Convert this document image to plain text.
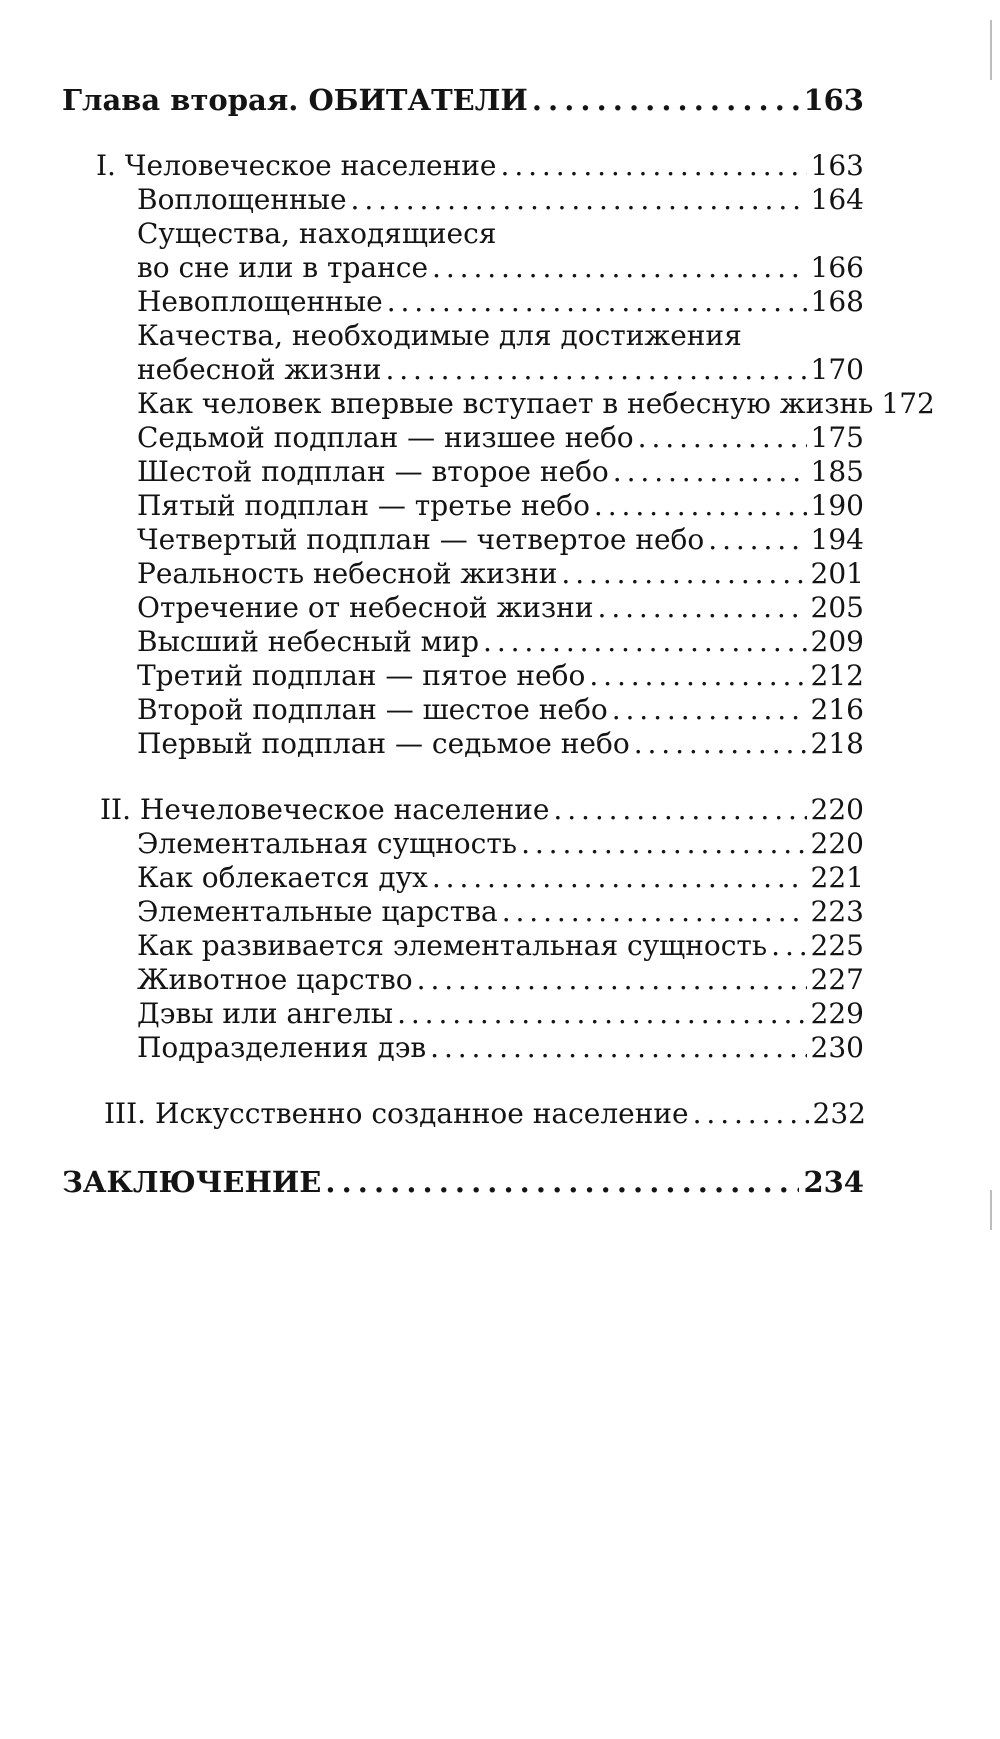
Глава вторая. ОБИТАТЕЛИ . . .	163
I. Человеческое население . . .	163
Воплощенные . . .	164
Существа, находящиеся
во сне или в трансе . . .	166
Невоплощенные . . .	168
Качества, необходимые для достижения
небесной жизни . . .	170
Как человек впервые вступает в небесную жизнь 172
Седьмой подплан — низшее небо . . .	175
Шестой подплан — второе небо . . .	185
Пятый подплан — третье небо . . .	190
Четвертый подплан — четвертое небо . . .	194
Реальность небесной жизни . . .	201
Отречение от небесной жизни . . .	205
Высший небесный мир . . .	209
Третий подплан — пятое небо . . .	212
Второй подплан — шестое небо . . .	216
Первый подплан — седьмое небо . . .	218
II. Нечеловеческое население . . .	220
Элементальная сущность . . .	220
Как облекается дух . . .	221
Элементальные царства . . .	223
Как развивается элементальная сущность . . . 225
Животное царство . . .	227
Дэвы или ангелы . . .	229
Подразделения дэв . . .	230
III. Искусственно созданное население . . .	232
ЗАКЛЮЧЕНИЕ . . .	234
